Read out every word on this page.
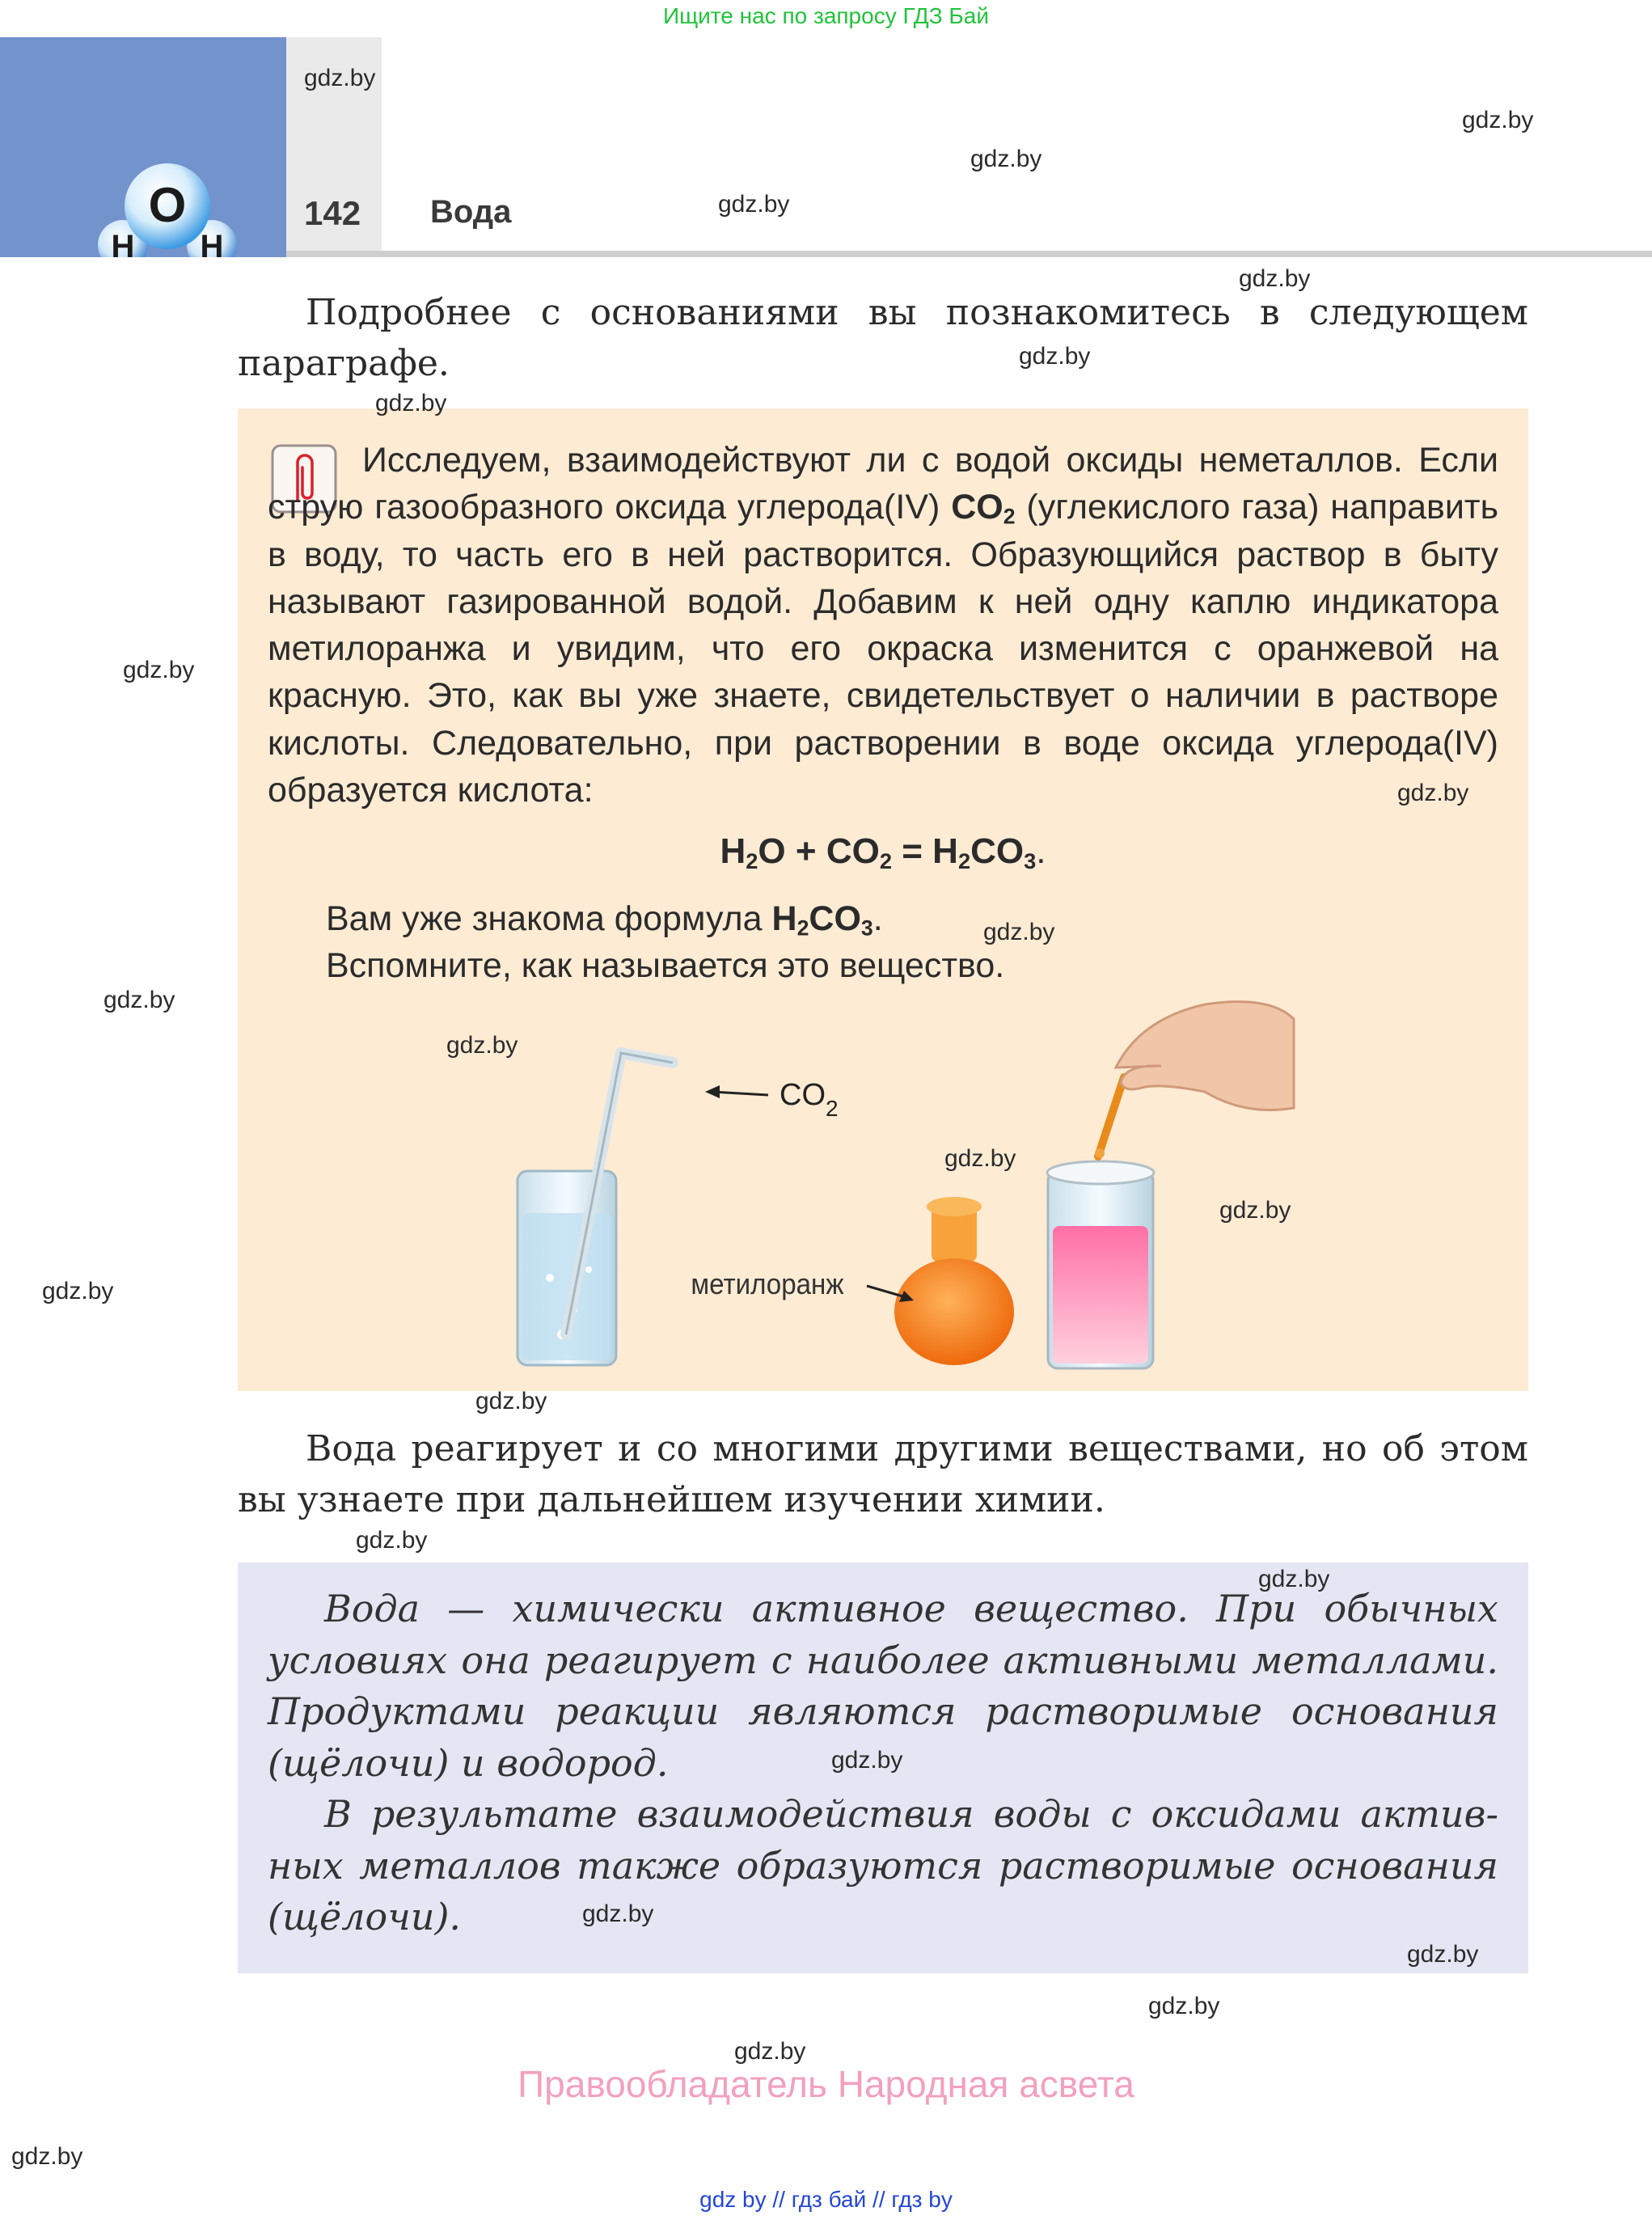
Ищите нас по запросу ГДЗ Бай
O
H H
142 Вода
Подробнее с основаниями вы познакомитесь в следующем параграфе.
Исследуем, взаимодействуют ли с водой оксиды неметаллов. Если струю газообразного оксида углерода(IV) $CO_2$ (углекислого газа) направить в воду, то часть его в ней растворится. Образующийся раствор в быту называют газированной водой. Добавим к ней одну каплю индикатора метилоранжа и увидим, что его окраска изменится с оранжевой на красную. Это, как вы уже знаете, свидетельствует о наличии в растворе кислоты. Следовательно, при растворении в воде оксида углерода(IV) образуется кислота:
$H_2O + CO_2 = H_2CO_3$.
Вам уже знакома формула $H_2CO_3$.
Вспомните, как называется это вещество.
$CO_2$
метилоранж
Вода реагирует и со многими другими веществами, но об этом вы узнаете при дальнейшем изучении химии.
Вода — химически активное вещество. При обычных условиях она реагирует с наиболее активными металлами. Продуктами реакции являются растворимые основания (щёлочи) и водород.
В результате взаимодействия воды с оксидами активных металлов также образуются растворимые основания (щёлочи).
gdz.by
gdz.by
gdz.by
gdz.by
gdz.by
gdz.by
gdz.by
gdz.by
gdz.by
gdz.by
gdz.by
gdz.by
gdz.by
gdz.by
gdz.by
gdz.by
gdz.by
gdz.by
gdz.by
gdz.by
gdz.by
gdz.by
gdz.by
gdz.by
Правообладатель Народная асвета
gdz by // гдз бай // гдз by
